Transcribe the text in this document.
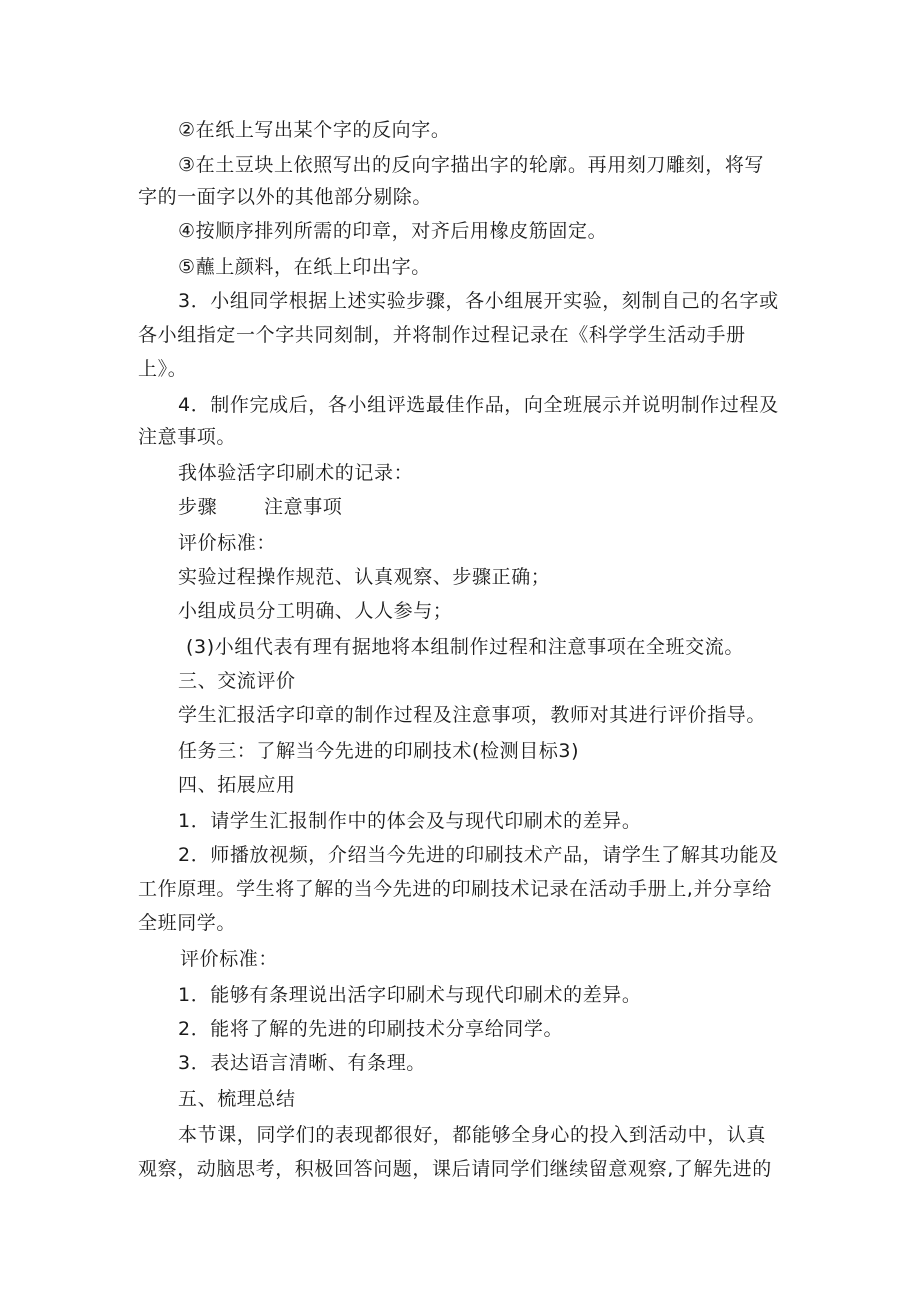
②在纸上写出某个字的反向字。
③在土豆块上依照写出的反向字描出字的轮廓。再用刻刀雕刻，将写
字的一面字以外的其他部分剔除。
④按顺序排列所需的印章，对齐后用橡皮筋固定。
⑤蘸上颜料，在纸上印出字。
3．小组同学根据上述实验步骤，各小组展开实验，刻制自己的名字或
各小组指定一个字共同刻制，并将制作过程记录在《科学学生活动手册
上》。
4．制作完成后，各小组评选最佳作品，向全班展示并说明制作过程及
注意事项。
我体验活字印刷术的记录：
步骤 注意事项
评价标准：
实验过程操作规范、认真观察、步骤正确；
小组成员分工明确、人人参与；
(3)小组代表有理有据地将本组制作过程和注意事项在全班交流。
三、交流评价
学生汇报活字印章的制作过程及注意事项，教师对其进行评价指导。
任务三：了解当今先进的印刷技术(检测目标3)
四、拓展应用
1．请学生汇报制作中的体会及与现代印刷术的差异。
2．师播放视频，介绍当今先进的印刷技术产品，请学生了解其功能及
工作原理。学生将了解的当今先进的印刷技术记录在活动手册上,并分享给
全班同学。
评价标准：
1．能够有条理说出活字印刷术与现代印刷术的差异。
2．能将了解的先进的印刷技术分享给同学。
3．表达语言清晰、有条理。
五、梳理总结
本节课，同学们的表现都很好，都能够全身心的投入到活动中，认真
观察，动脑思考，积极回答问题，课后请同学们继续留意观察,了解先进的
